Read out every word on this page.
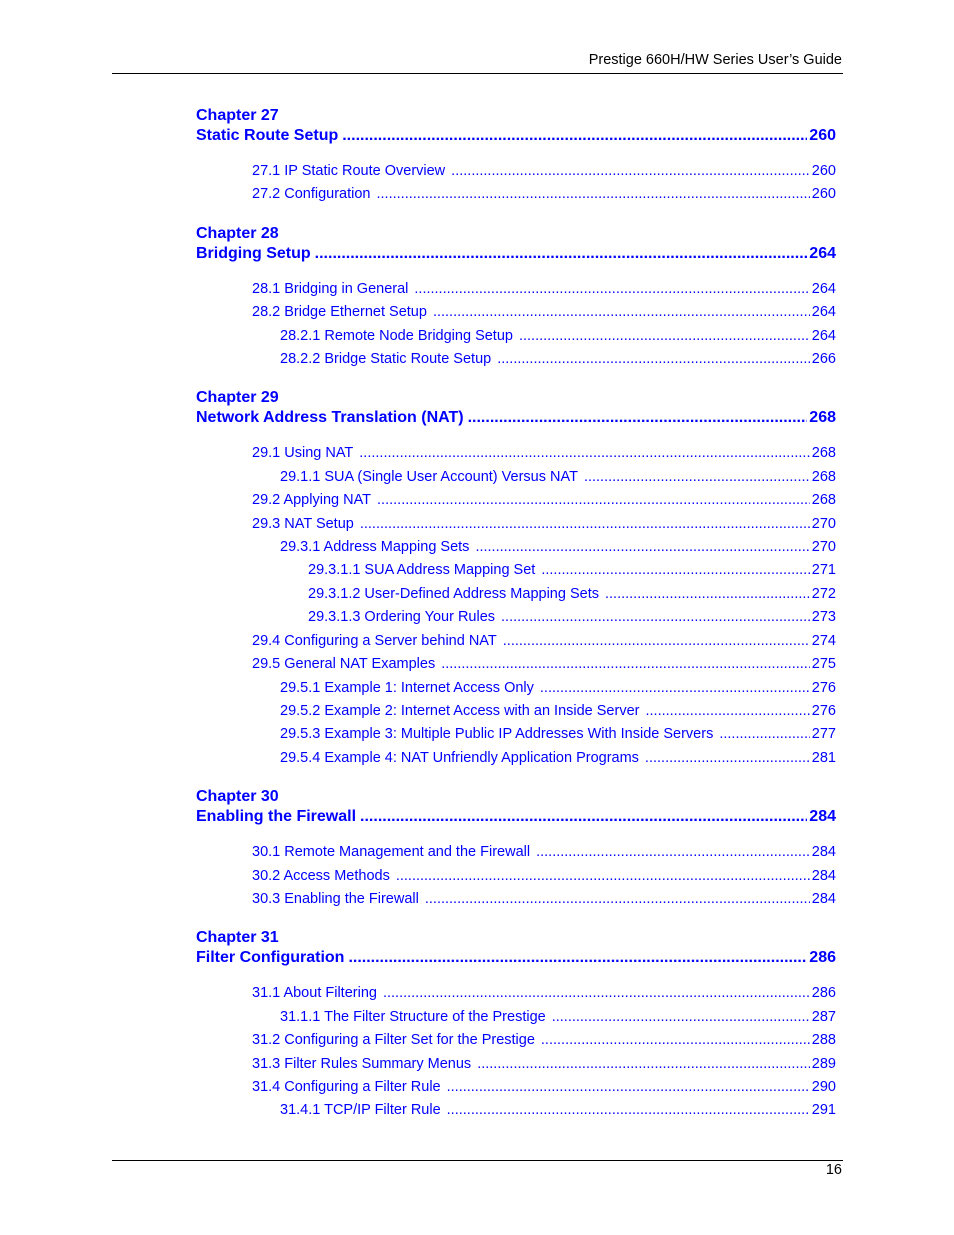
Prestige 660H/HW Series User’s Guide
Chapter 27
Static Route Setup .....	260
27.1 IP Static Route Overview .....	260
27.2 Configuration .....	260
Chapter 28
Bridging Setup .....	264
28.1 Bridging in General .....	264
28.2 Bridge Ethernet Setup .....	264
28.2.1 Remote Node Bridging Setup .....	264
28.2.2 Bridge Static Route Setup .....	266
Chapter 29
Network Address Translation (NAT) .....	268
29.1 Using NAT .....	268
29.1.1 SUA (Single User Account) Versus NAT .....	268
29.2 Applying NAT .....	268
29.3 NAT Setup .....	270
29.3.1 Address Mapping Sets .....	270
29.3.1.1 SUA Address Mapping Set .....	271
29.3.1.2 User-Defined Address Mapping Sets .....	272
29.3.1.3 Ordering Your Rules .....	273
29.4 Configuring a Server behind NAT .....	274
29.5 General NAT Examples .....	275
29.5.1 Example 1: Internet Access Only .....	276
29.5.2 Example 2: Internet Access with an Inside Server .....	276
29.5.3 Example 3: Multiple Public IP Addresses With Inside Servers .....	277
29.5.4 Example 4: NAT Unfriendly Application Programs .....	281
Chapter 30
Enabling the Firewall .....	284
30.1 Remote Management and the Firewall .....	284
30.2 Access Methods .....	284
30.3 Enabling the Firewall .....	284
Chapter 31
Filter Configuration .....	286
31.1 About Filtering .....	286
31.1.1 The Filter Structure of the Prestige .....	287
31.2 Configuring a Filter Set for the Prestige .....	288
31.3 Filter Rules Summary Menus .....	289
31.4 Configuring a Filter Rule .....	290
31.4.1 TCP/IP Filter Rule .....	291
16
